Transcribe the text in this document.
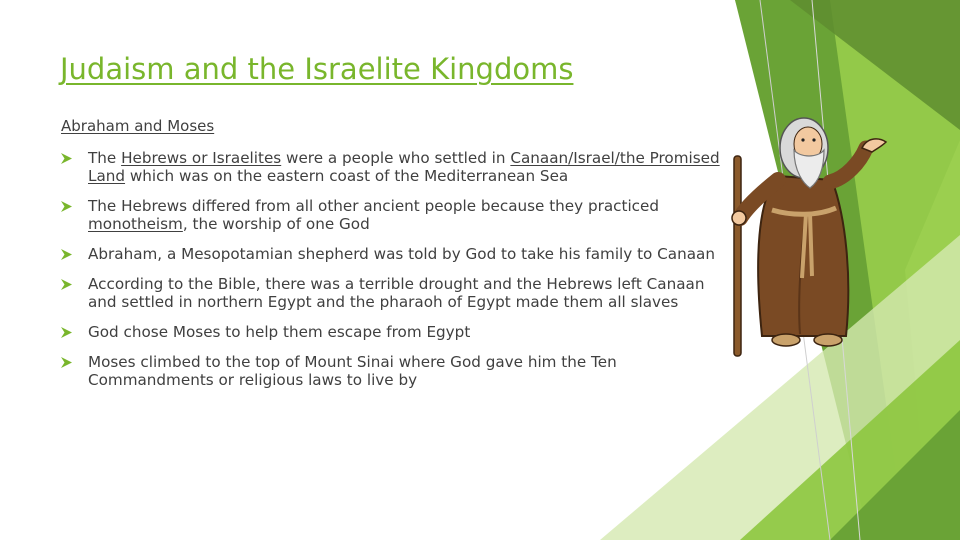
Judaism and the Israelite Kingdoms
Abraham and Moses
The Hebrews or Israelites were a people who settled in Canaan/Israel/the Promised Land which was on the eastern coast of the Mediterranean Sea
The Hebrews differed from all other ancient people because they practiced monotheism, the worship of one God
Abraham, a Mesopotamian shepherd was told by God to take his family to Canaan
According to the Bible, there was a terrible drought and the Hebrews left Canaan and settled in northern Egypt and the pharaoh of Egypt made them all slaves
God chose Moses to help them escape from Egypt
Moses climbed to the top of Mount Sinai where God gave him the Ten Commandments or religious laws to live by
